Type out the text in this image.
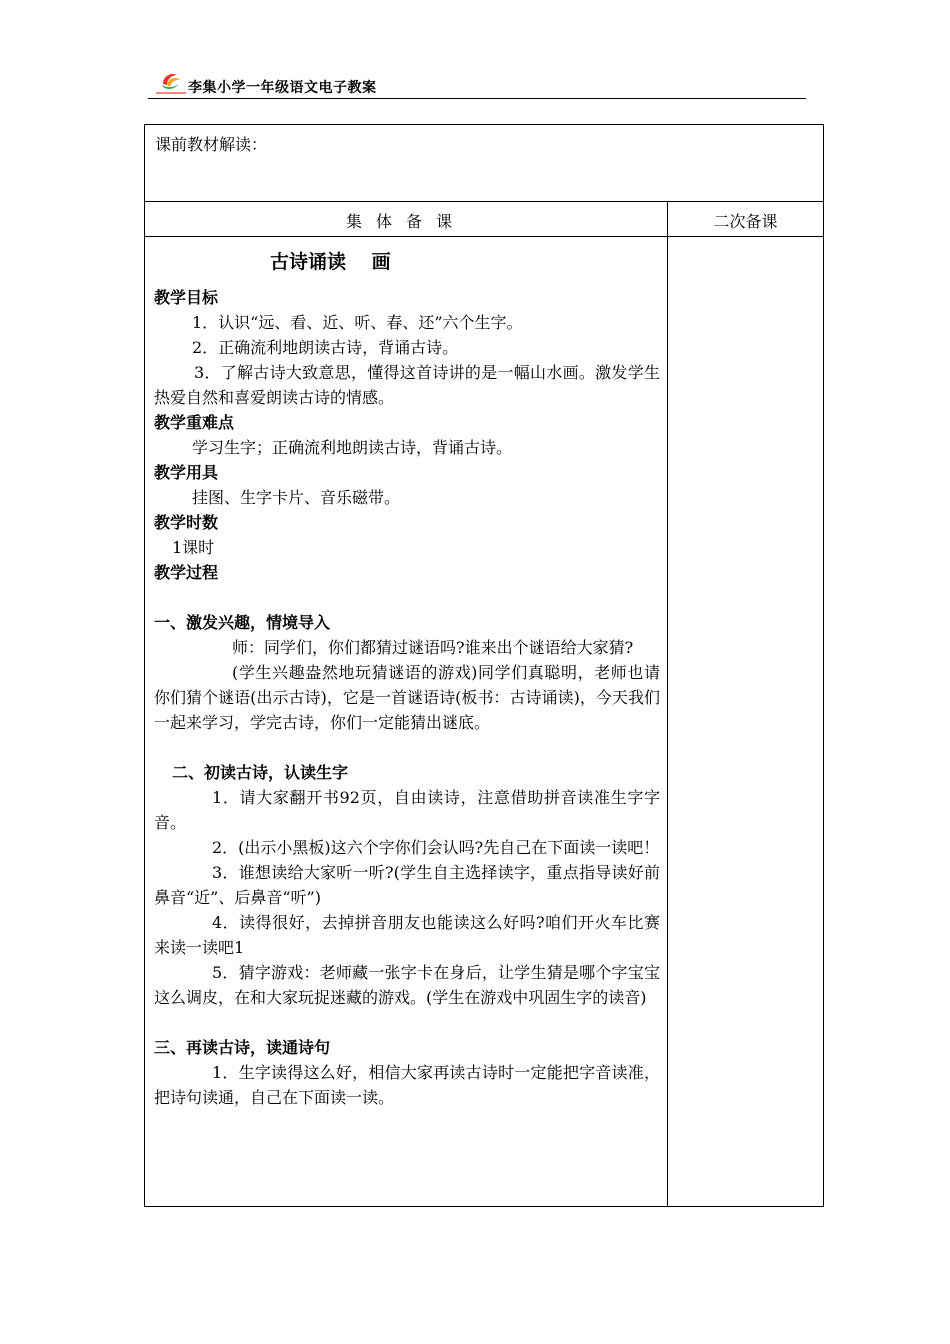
李集小学一年级语文电子教案
课前教材解读：
集体备课	二次备课

古诗诵读　 画

教学目标

1．认识“远、看、近、听、春、还”六个生字。

2．正确流利地朗读古诗，背诵古诗。

3．了解古诗大致意思，懂得这首诗讲的是一幅山水画。激发学生热爱自然和喜爱朗读古诗的情感。

教学重难点

学习生字；正确流利地朗读古诗，背诵古诗。

教学用具

挂图、生字卡片、音乐磁带。

教学时数

1课时

教学过程

一、激发兴趣，情境导入

师：同学们，你们都猜过谜语吗?谁来出个谜语给大家猜?

(学生兴趣盎然地玩猜谜语的游戏)同学们真聪明，老师也请你们猜个谜语(出示古诗)，它是一首谜语诗(板书：古诗诵读)，今天我们一起来学习，学完古诗，你们一定能猜出谜底。

二、初读古诗，认读生字

1．请大家翻开书92页，自由读诗，注意借助拼音读准生字字音。

2．(出示小黑板)这六个字你们会认吗?先自己在下面读一读吧！

3．谁想读给大家听一听?(学生自主选择读字，重点指导读好前鼻音“近”、后鼻音“听”)

4．读得很好，去掉拼音朋友也能读这么好吗?咱们开火车比赛来读一读吧1

5．猜字游戏：老师藏一张字卡在身后，让学生猜是哪个字宝宝这么调皮，在和大家玩捉迷藏的游戏。(学生在游戏中巩固生字的读音)

三、再读古诗，读通诗句

1．生字读得这么好，相信大家再读古诗时一定能把字音读准，把诗句读通，自己在下面读一读。
